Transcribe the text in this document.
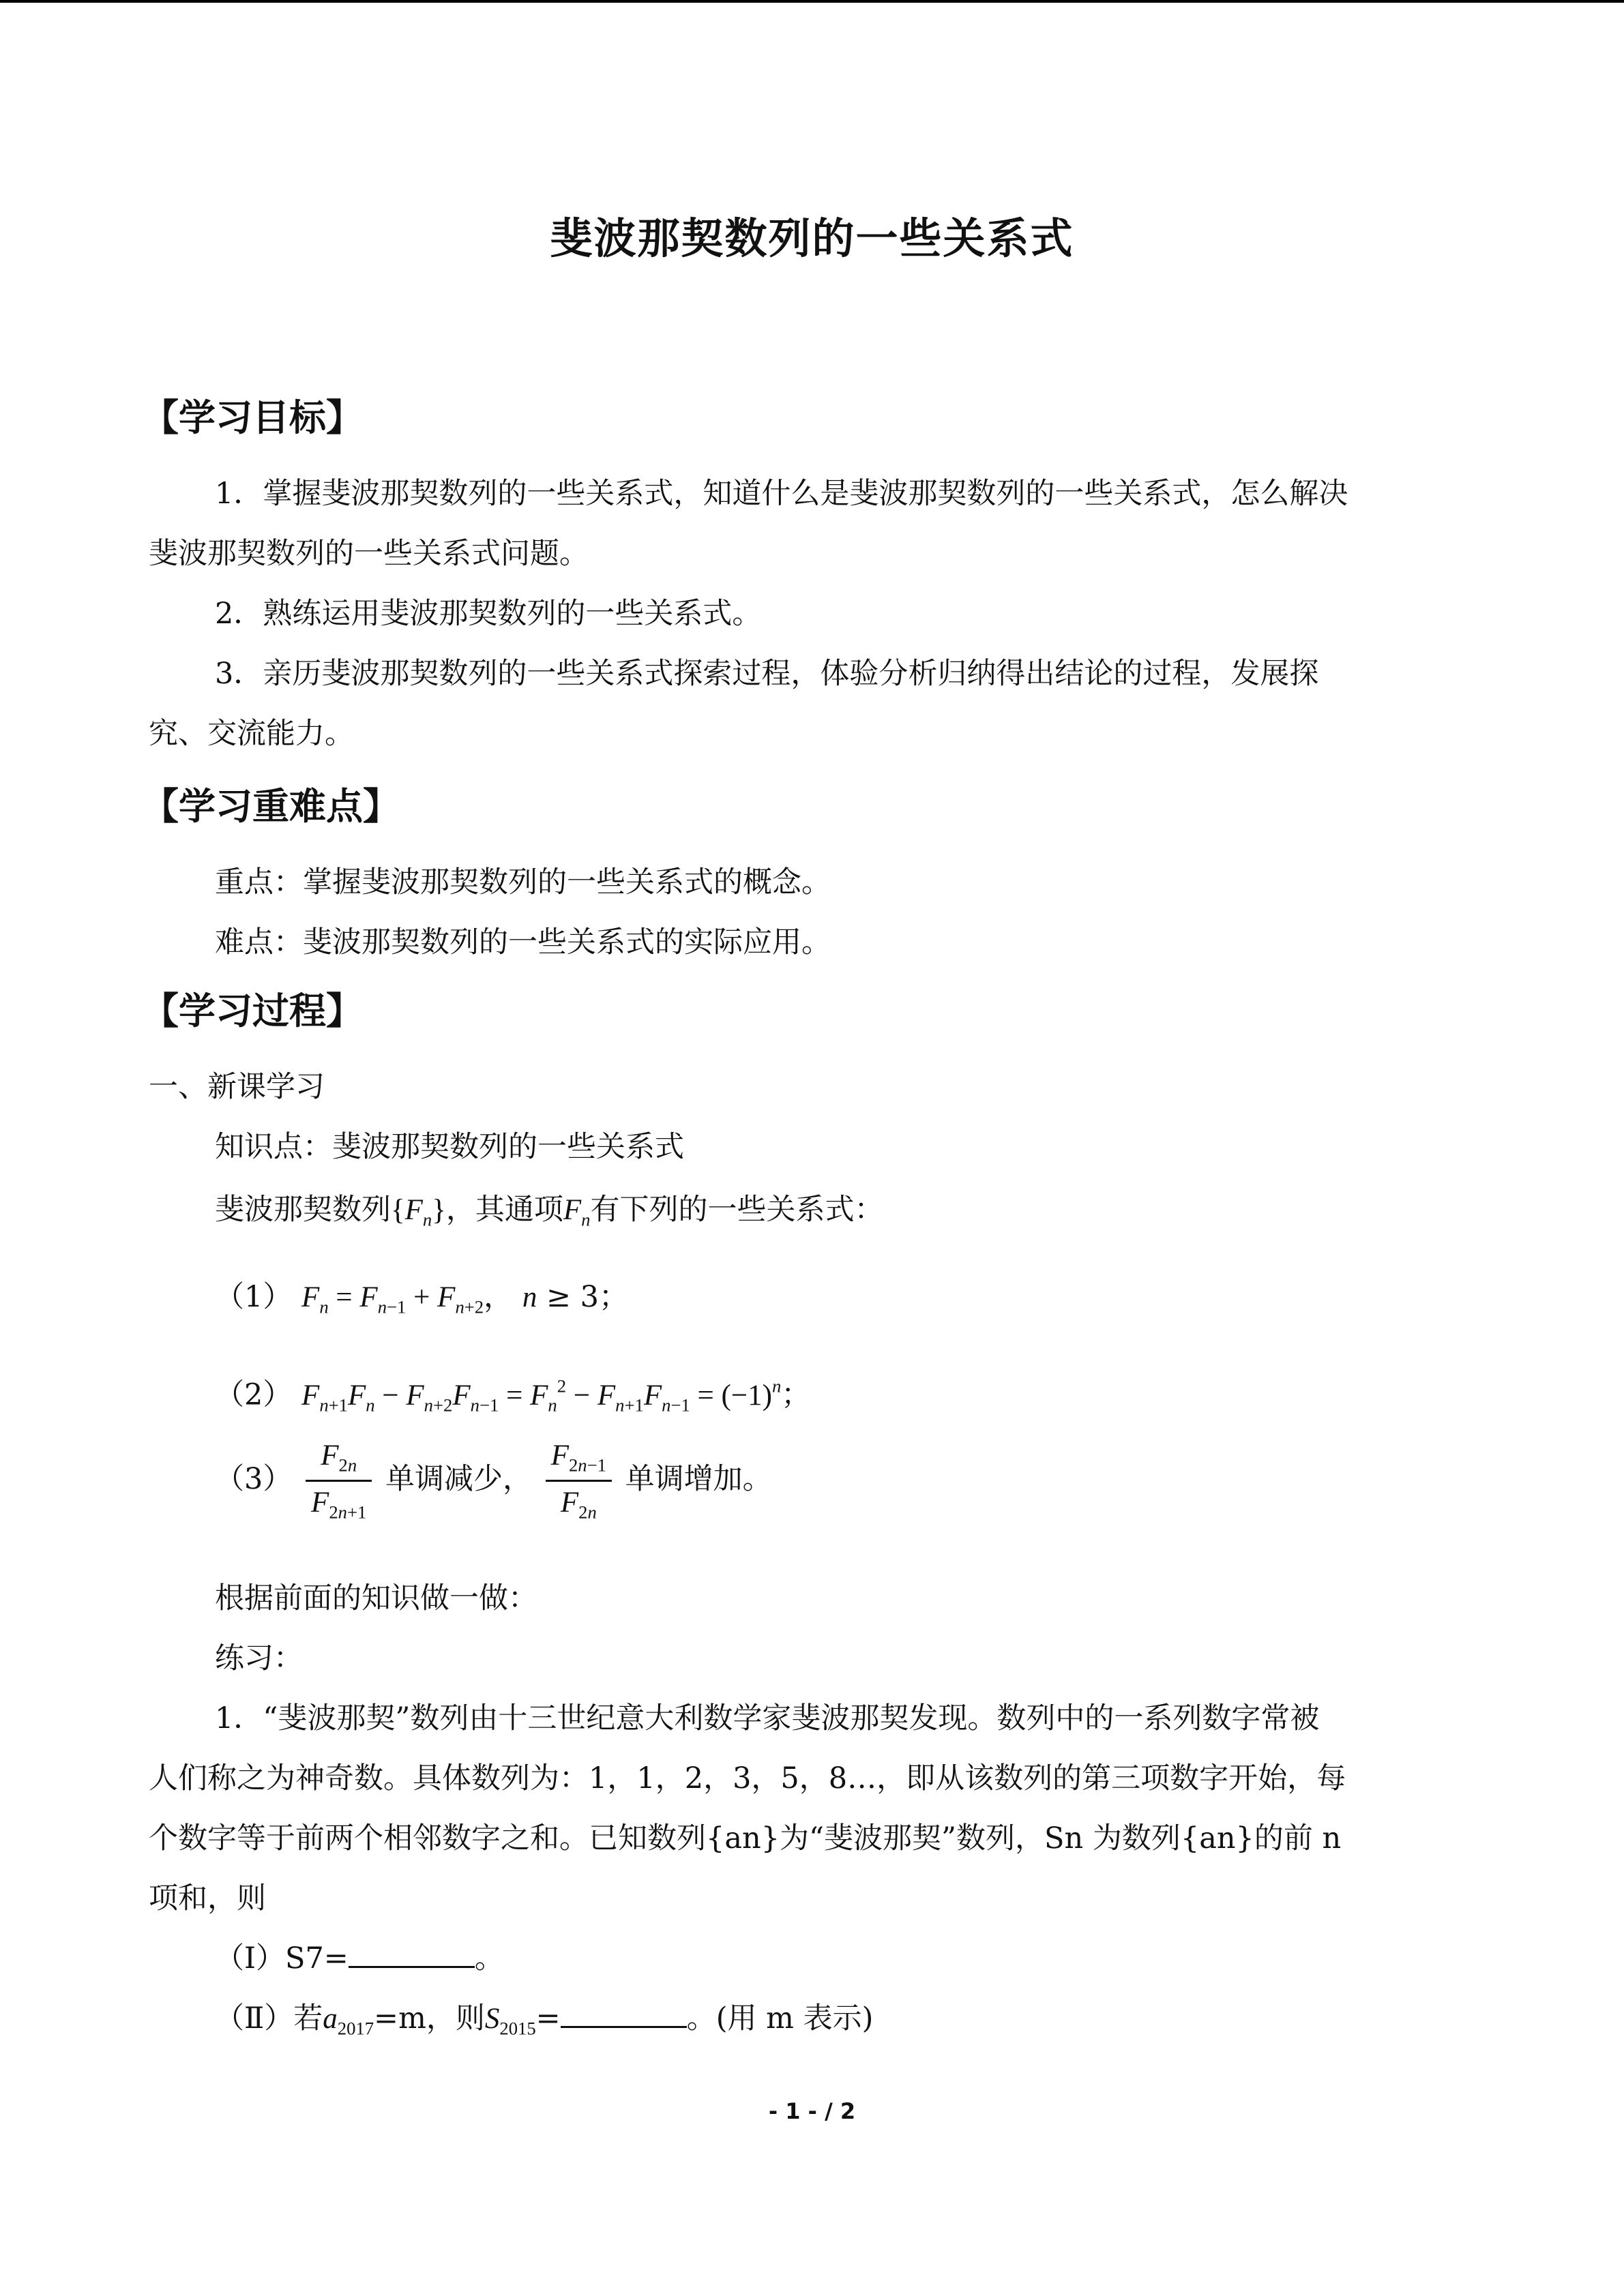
斐波那契数列的一些关系式
【学习目标】
1．掌握斐波那契数列的一些关系式，知道什么是斐波那契数列的一些关系式，怎么解决
斐波那契数列的一些关系式问题。
2．熟练运用斐波那契数列的一些关系式。
3．亲历斐波那契数列的一些关系式探索过程，体验分析归纳得出结论的过程，发展探
究、交流能力。
【学习重难点】
重点：掌握斐波那契数列的一些关系式的概念。
难点：斐波那契数列的一些关系式的实际应用。
【学习过程】
一、新课学习
知识点：斐波那契数列的一些关系式
斐波那契数列$\{F_n\}$，其通项$F_n$有下列的一些关系式：
（1） $F_n = F_{n-1} + F_{n+2}$， n ≥ 3；
（2） $F_{n+1}F_n - F_{n+2}F_{n-1} = F_n^2 - F_{n+1}F_{n-1} = (-1)^n$；
$(3) \frac{F_{2n}}{F_{2n+1}}$ 单调减少， $\frac{F_{2n-1}}{F_{2n}}$ 单调增加。
根据前面的知识做一做：
练习：
1．“斐波那契”数列由十三世纪意大利数学家斐波那契发现。数列中的一系列数字常被
人们称之为神奇数。具体数列为：1，1，2，3，5，8…，即从该数列的第三项数字开始，每
个数字等于前两个相邻数字之和。已知数列{an}为“斐波那契”数列，Sn 为数列{an}的前 n
项和，则
（Ⅰ）S7=	。
（Ⅱ）若$a_{2017}=m$，则$S_{2015}=$	。(用 m 表示)
- 1 - / 2
